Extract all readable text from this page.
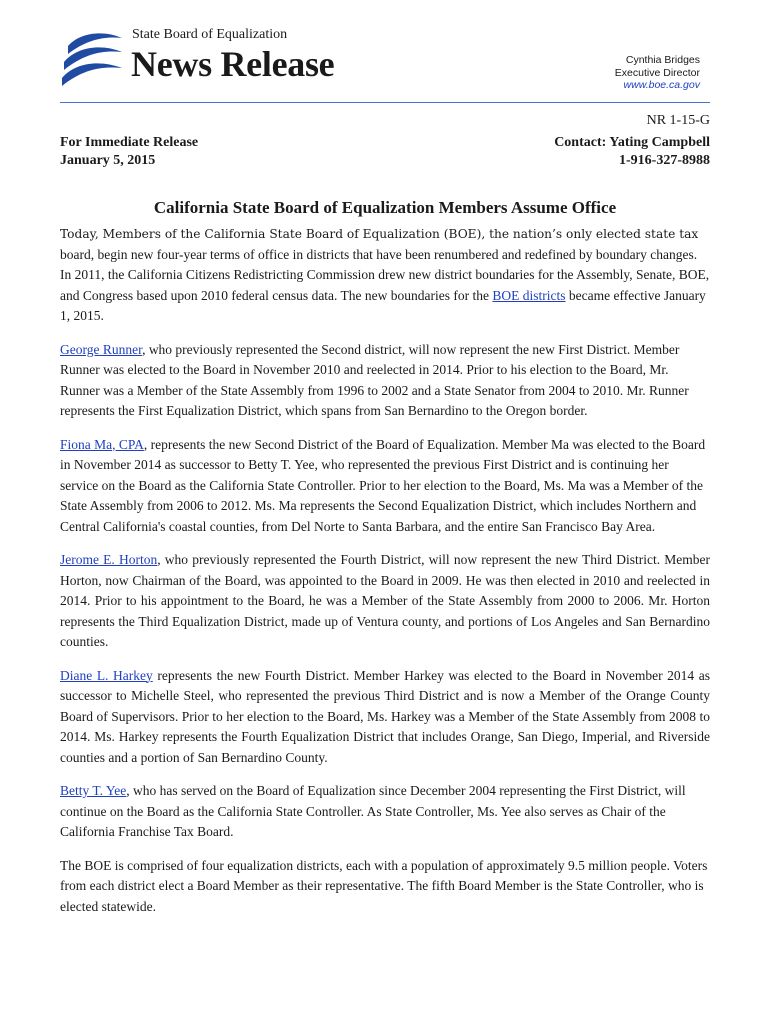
State Board of Equalization
News Release	Cynthia Bridges
Executive Director
www.boe.ca.gov
NR 1-15-G
For Immediate Release
January 5, 2015
Contact: Yating Campbell
1-916-327-8988
California State Board of Equalization Members Assume Office

Today, Members of the California State Board of Equalization (BOE), the nation’s only elected state tax board, begin new four-year terms of office in districts that have been renumbered and redefined by boundary changes. In 2011, the California Citizens Redistricting Commission drew new district boundaries for the Assembly, Senate, BOE, and Congress based upon 2010 federal census data. The new boundaries for the BOE districts became effective January 1, 2015.

George Runner, who previously represented the Second district, will now represent the new First District. Member Runner was elected to the Board in November 2010 and reelected in 2014. Prior to his election to the Board, Mr. Runner was a Member of the State Assembly from 1996 to 2002 and a State Senator from 2004 to 2010. Mr. Runner represents the First Equalization District, which spans from San Bernardino to the Oregon border.

Fiona Ma, CPA, represents the new Second District of the Board of Equalization. Member Ma was elected to the Board in November 2014 as successor to Betty T. Yee, who represented the previous First District and is continuing her service on the Board as the California State Controller. Prior to her election to the Board, Ms. Ma was a Member of the State Assembly from 2006 to 2012. Ms. Ma represents the Second Equalization District, which includes Northern and Central California's coastal counties, from Del Norte to Santa Barbara, and the entire San Francisco Bay Area.

Jerome E. Horton, who previously represented the Fourth District, will now represent the new Third District. Member Horton, now Chairman of the Board, was appointed to the Board in 2009. He was then elected in 2010 and reelected in 2014. Prior to his appointment to the Board, he was a Member of the State Assembly from 2000 to 2006. Mr. Horton represents the Third Equalization District, made up of Ventura county, and portions of Los Angeles and San Bernardino counties.

Diane L. Harkey represents the new Fourth District. Member Harkey was elected to the Board in November 2014 as successor to Michelle Steel, who represented the previous Third District and is now a Member of the Orange County Board of Supervisors. Prior to her election to the Board, Ms. Harkey was a Member of the State Assembly from 2008 to 2014. Ms. Harkey represents the Fourth Equalization District that includes Orange, San Diego, Imperial, and Riverside counties and a portion of San Bernardino County.

Betty T. Yee, who has served on the Board of Equalization since December 2004 representing the First District, will continue on the Board as the California State Controller. As State Controller, Ms. Yee also serves as Chair of the California Franchise Tax Board.

The BOE is comprised of four equalization districts, each with a population of approximately 9.5 million people. Voters from each district elect a Board Member as their representative. The fifth Board Member is the State Controller, who is elected statewide.
